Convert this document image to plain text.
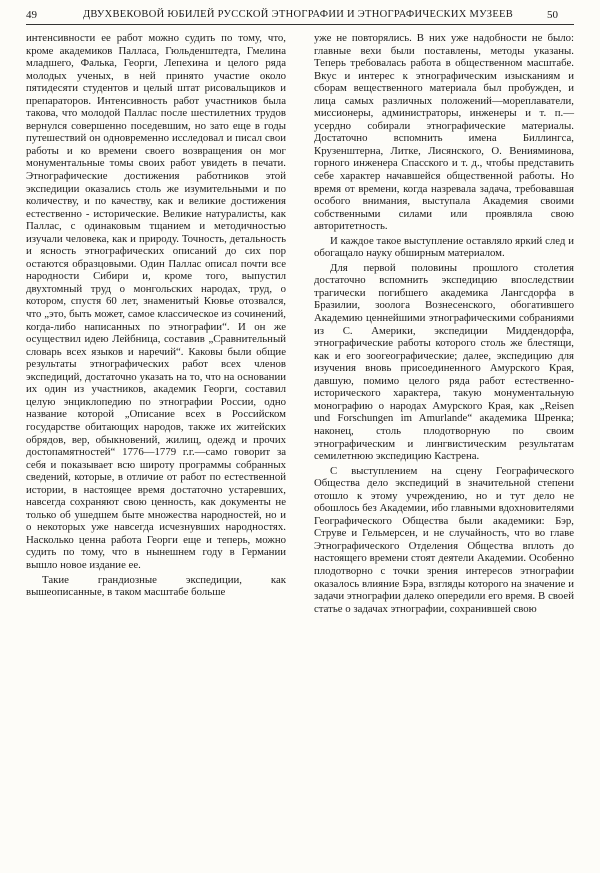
49	ДВУХВЕКОВОЙ ЮБИЛЕЙ РУССКОЙ ЭТНОГРАФИИ И ЭТНОГРАФИЧЕСКИХ МУЗЕЕВ	50

интенсивности ее работ можно судить по тому, что, кроме академиков Палласа, Гюльденштедта, Гмелина младшего, Фалька, Георги, Лепехина и целого ряда молодых ученых, в ней принято участие около пятидесяти студентов и целый штат рисовальщиков и препараторов. Интенсивность работ участников была такова, что молодой Паллас после шестилетних трудов вернулся совершенно поседевшим, но зато еще в годы путешествий он одновременно исследовал и писал свои работы и ко времени своего возвращения он мог монументальные томы своих работ увидеть в печати. Этнографические достижения работников этой экспедиции оказались столь же изумительными и по количеству, и по качеству, как и великие достижения естественно - исторические. Великие натуралисты, как Паллас, с одинаковым тщанием и методичностью изучали человека, как и природу. Точность, детальность и ясность этнографических описаний до сих пор остаются образцовыми. Один Паллас описал почти все народности Сибири и, кроме того, выпустил двухтомный труд о монгольских народах, труд, о котором, спустя 60 лет, знаменитый Кювье отозвался, что „это, быть может, самое классическое из сочинений, когда-либо написанных по этнографии“. И он же осуществил идею Лейбница, составив „Сравнительный словарь всех языков и наречий“. Каковы были общие результаты этнографических работ всех членов экспедиций, достаточно указать на то, что на основании их один из участников, академик Георги, составил целую энциклопедию по этнографии России, одно название которой „Описание всех в Российском государстве обитающих народов, также их житейских обрядов, вер, обыкновений, жилищ, одежд и прочих достопамятностей“ 1776—1779 г.г.—само говорит за себя и показывает всю широту программы собранных сведений, которые, в отличие от работ по естественной истории, в настоящее время достаточно устаревших, навсегда сохраняют свою ценность, как документы не только об ушедшем быте множества народностей, но и о некоторых уже навсегда исчезнувших народностях. Насколько ценна работа Георги еще и теперь, можно судить по тому, что в нынешнем году в Германии вышло новое издание ее.

Такие грандиозные экспедиции, как вышеописанные, в таком масштабе больше

уже не повторялись. В них уже надобности не было: главные вехи были поставлены, методы указаны. Теперь требовалась работа в общественном масштабе. Вкус и интерес к этнографическим изысканиям и сборам вещественного материала был пробужден, и лица самых различных положений—мореплаватели, миссионеры, администраторы, инженеры и т. п.—усердно собирали этнографические материалы. Достаточно вспомнить имена Биллингса, Крузенштерна, Литке, Лисянского, О. Венияминова, горного инженера Спасского и т. д., чтобы представить себе характер начавшейся общественной работы. Но время от времени, когда назревала задача, требовавшая особого внимания, выступала Академия своими собственными силами или проявляла свою авторитетность.

И каждое такое выступление оставляло яркий след и обогащало науку обширным материалом.

Для первой половины прошлого столетия достаточно вспомнить экспедицию впоследствии трагически погибшего академика Лангсдорфа в Бразилии, зоолога Вознесенского, обогатившего Академию ценнейшими этнографическими собраниями из С. Америки, экспедиции Миддендорфа, этнографические работы которого столь же блестящи, как и его зоогеографические; далее, экспедицию для изучения вновь присоединенного Амурского Края, давшую, помимо целого ряда работ естественно-исторического характера, такую монументальную монографию о народах Амурского Края, как „Reisen und Forschungen im Amurlande“ академика Шренка; наконец, столь плодотворную по своим этнографическим и лингвистическим результатам семилетнюю экспедицию Кастрена.

С выступлением на сцену Географического Общества дело экспедиций в значительной степени отошло к этому учреждению, но и тут дело не обошлось без Академии, ибо главными вдохновителями Географического Общества были академики: Бэр, Струве и Гельмерсен, и не случайность, что во главе Этнографического Отделения Общества вплоть до настоящего времени стоят деятели Академии. Особенно плодотворно с точки зрения интересов этнографии оказалось влияние Бэра, взгляды которого на значение и задачи этнографии далеко опередили его время. В своей статье о задачах этнографии, сохранившей свою
